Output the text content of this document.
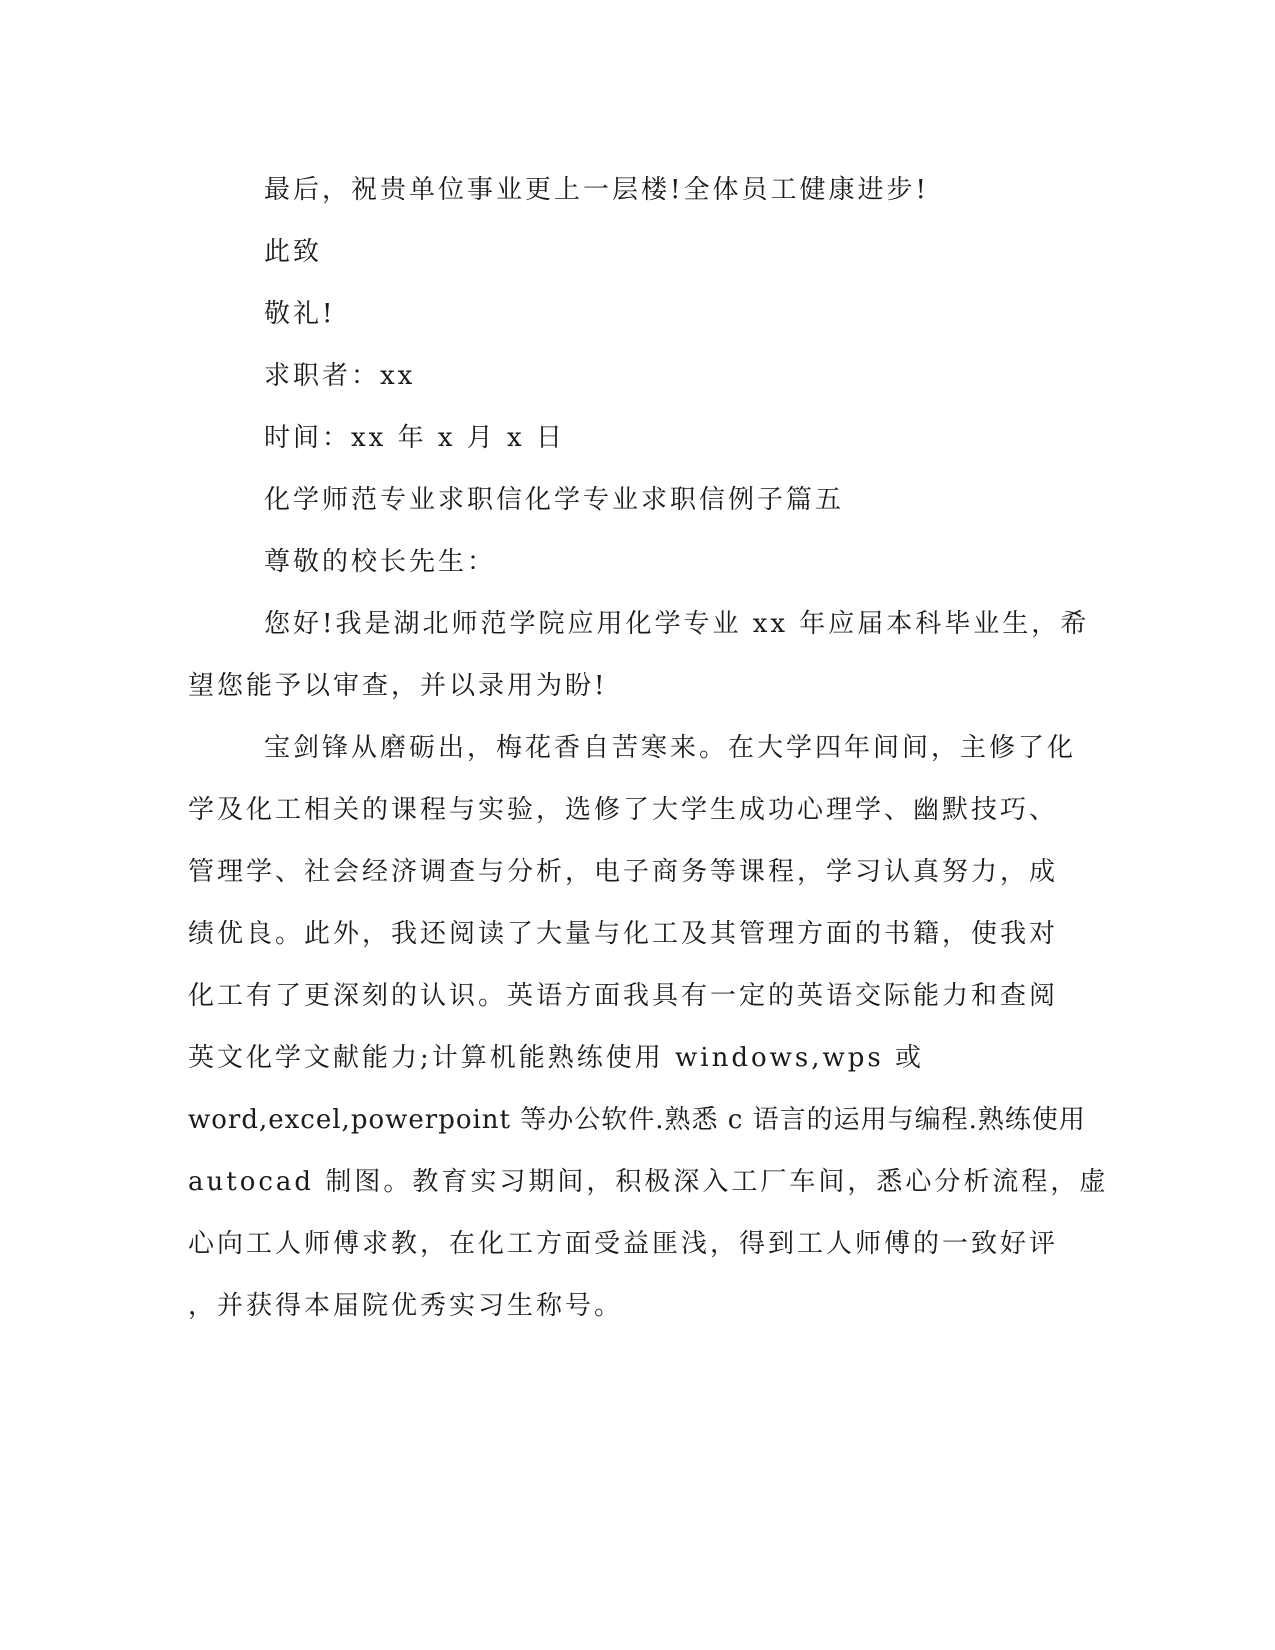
最后，祝贵单位事业更上一层楼!全体员工健康进步!
此致
敬礼!
求职者：xx
时间：xx 年 x 月 x 日
化学师范专业求职信化学专业求职信例子篇五
尊敬的校长先生：
您好!我是湖北师范学院应用化学专业 xx 年应届本科毕业生，希
望您能予以审查，并以录用为盼!
宝剑锋从磨砺出，梅花香自苦寒来。在大学四年间间，主修了化
学及化工相关的课程与实验，选修了大学生成功心理学、幽默技巧、
管理学、社会经济调查与分析，电子商务等课程，学习认真努力，成
绩优良。此外，我还阅读了大量与化工及其管理方面的书籍，使我对
化工有了更深刻的认识。英语方面我具有一定的英语交际能力和查阅
英文化学文献能力;计算机能熟练使用 windows,wps 或
word,excel,powerpoint 等办公软件.熟悉 c 语言的运用与编程.熟练使用
autocad 制图。教育实习期间，积极深入工厂车间，悉心分析流程，虚
心向工人师傅求教，在化工方面受益匪浅，得到工人师傅的一致好评
，并获得本届院优秀实习生称号。
